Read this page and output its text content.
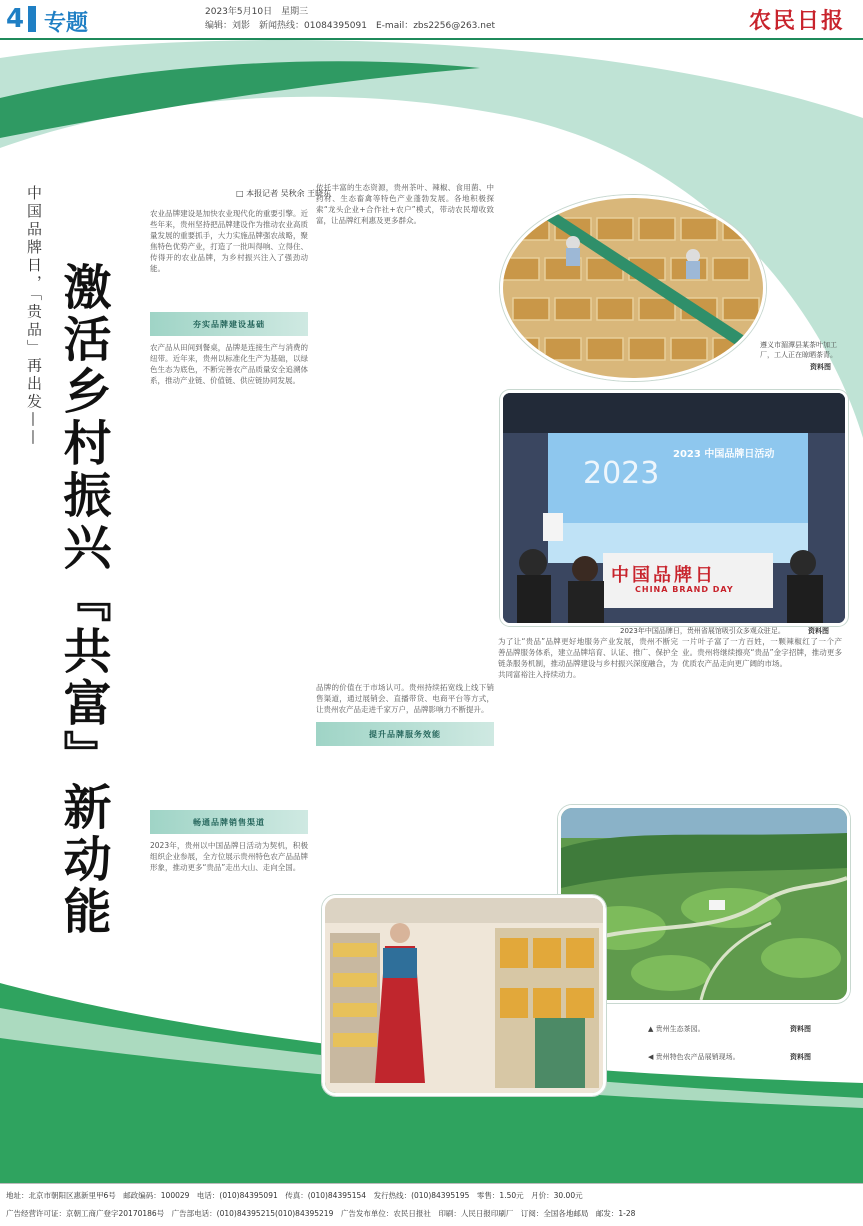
4 专题	2023年5月10日　星期三
编辑：刘影　新闻热线：01084395091　E-mail：zbs2256@263.net	农民日报
中国品牌日，「贵品」再出发—— 激活乡村振兴『共富』新动能
□ 本报记者 吴秋余 王晓东
农业品牌建设是加快农业现代化的重要引擎。近些年来，贵州坚持把品牌建设作为推动农业高质量发展的重要抓手，大力实施品牌强农战略，聚焦特色优势产业，打造了一批叫得响、立得住、传得开的农业品牌，为乡村振兴注入了强劲动能。
夯实品牌建设基础
农产品从田间到餐桌，品牌是连接生产与消费的纽带。近年来，贵州以标准化生产为基础，以绿色生态为底色，不断完善农产品质量安全追溯体系，推动产业链、价值链、供应链协同发展。
畅通品牌销售渠道
2023年，贵州以中国品牌日活动为契机，积极组织企业参展，全方位展示贵州特色农产品品牌形象，推动更多“贵品”走出大山、走向全国。
依托丰富的生态资源，贵州茶叶、辣椒、食用菌、中药材、生态畜禽等特色产业蓬勃发展。各地积极探索“龙头企业+合作社+农户”模式，带动农民增收致富，让品牌红利惠及更多群众。
品牌的价值在于市场认可。贵州持续拓宽线上线下销售渠道，通过展销会、直播带货、电商平台等方式，让贵州农产品走进千家万户，品牌影响力不断提升。
为了让“贵品”品牌更好地服务产业发展，贵州不断完善品牌服务体系，建立品牌培育、认证、推广、保护全链条服务机制，推动品牌建设与乡村振兴深度融合，为共同富裕注入持续动力。
一片叶子富了一方百姓，一颗辣椒红了一个产业。贵州将继续擦亮“贵品”金字招牌，推动更多优质农产品走向更广阔的市场。
提升品牌服务效能
遵义市湄潭县某茶叶加工厂，工人正在晾晒茶青。
资料图
2023
2023 中国品牌日活动
中国品牌日
CHINA BRAND DAY
2023年中国品牌日，贵州省展馆吸引众多观众驻足。	资料图
▲ 贵州生态茶园。	资料图
◀ 贵州特色农产品展销现场。	资料图
地址：北京市朝阳区惠新里甲6号　邮政编码：100029　电话：(010)84395091　传真：(010)84395154　发行热线：(010)84395195　零售：1.50元　月价：30.00元
广告经营许可证：京朝工商广登字20170186号　广告部电话：(010)84395215(010)84395219　广告发布单位：农民日报社　印刷：人民日报印刷厂　订阅：全国各地邮局　邮发：1-28
